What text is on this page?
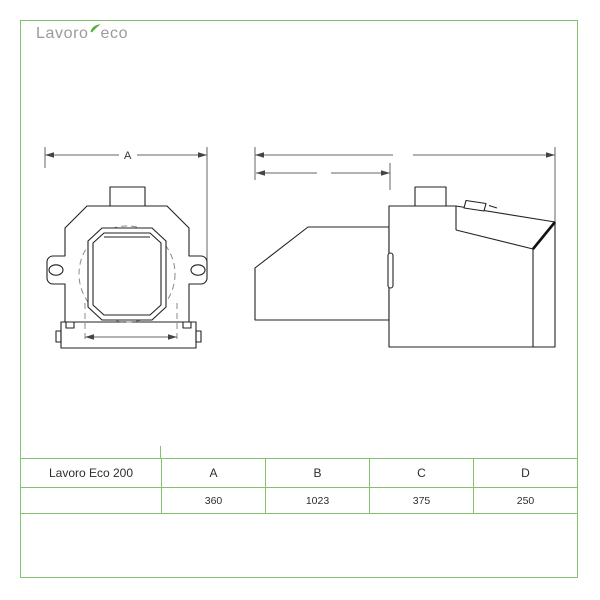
Lavoro eco
A
Lavoro Eco 200	A	B	C	D
	360	1023	375	250
